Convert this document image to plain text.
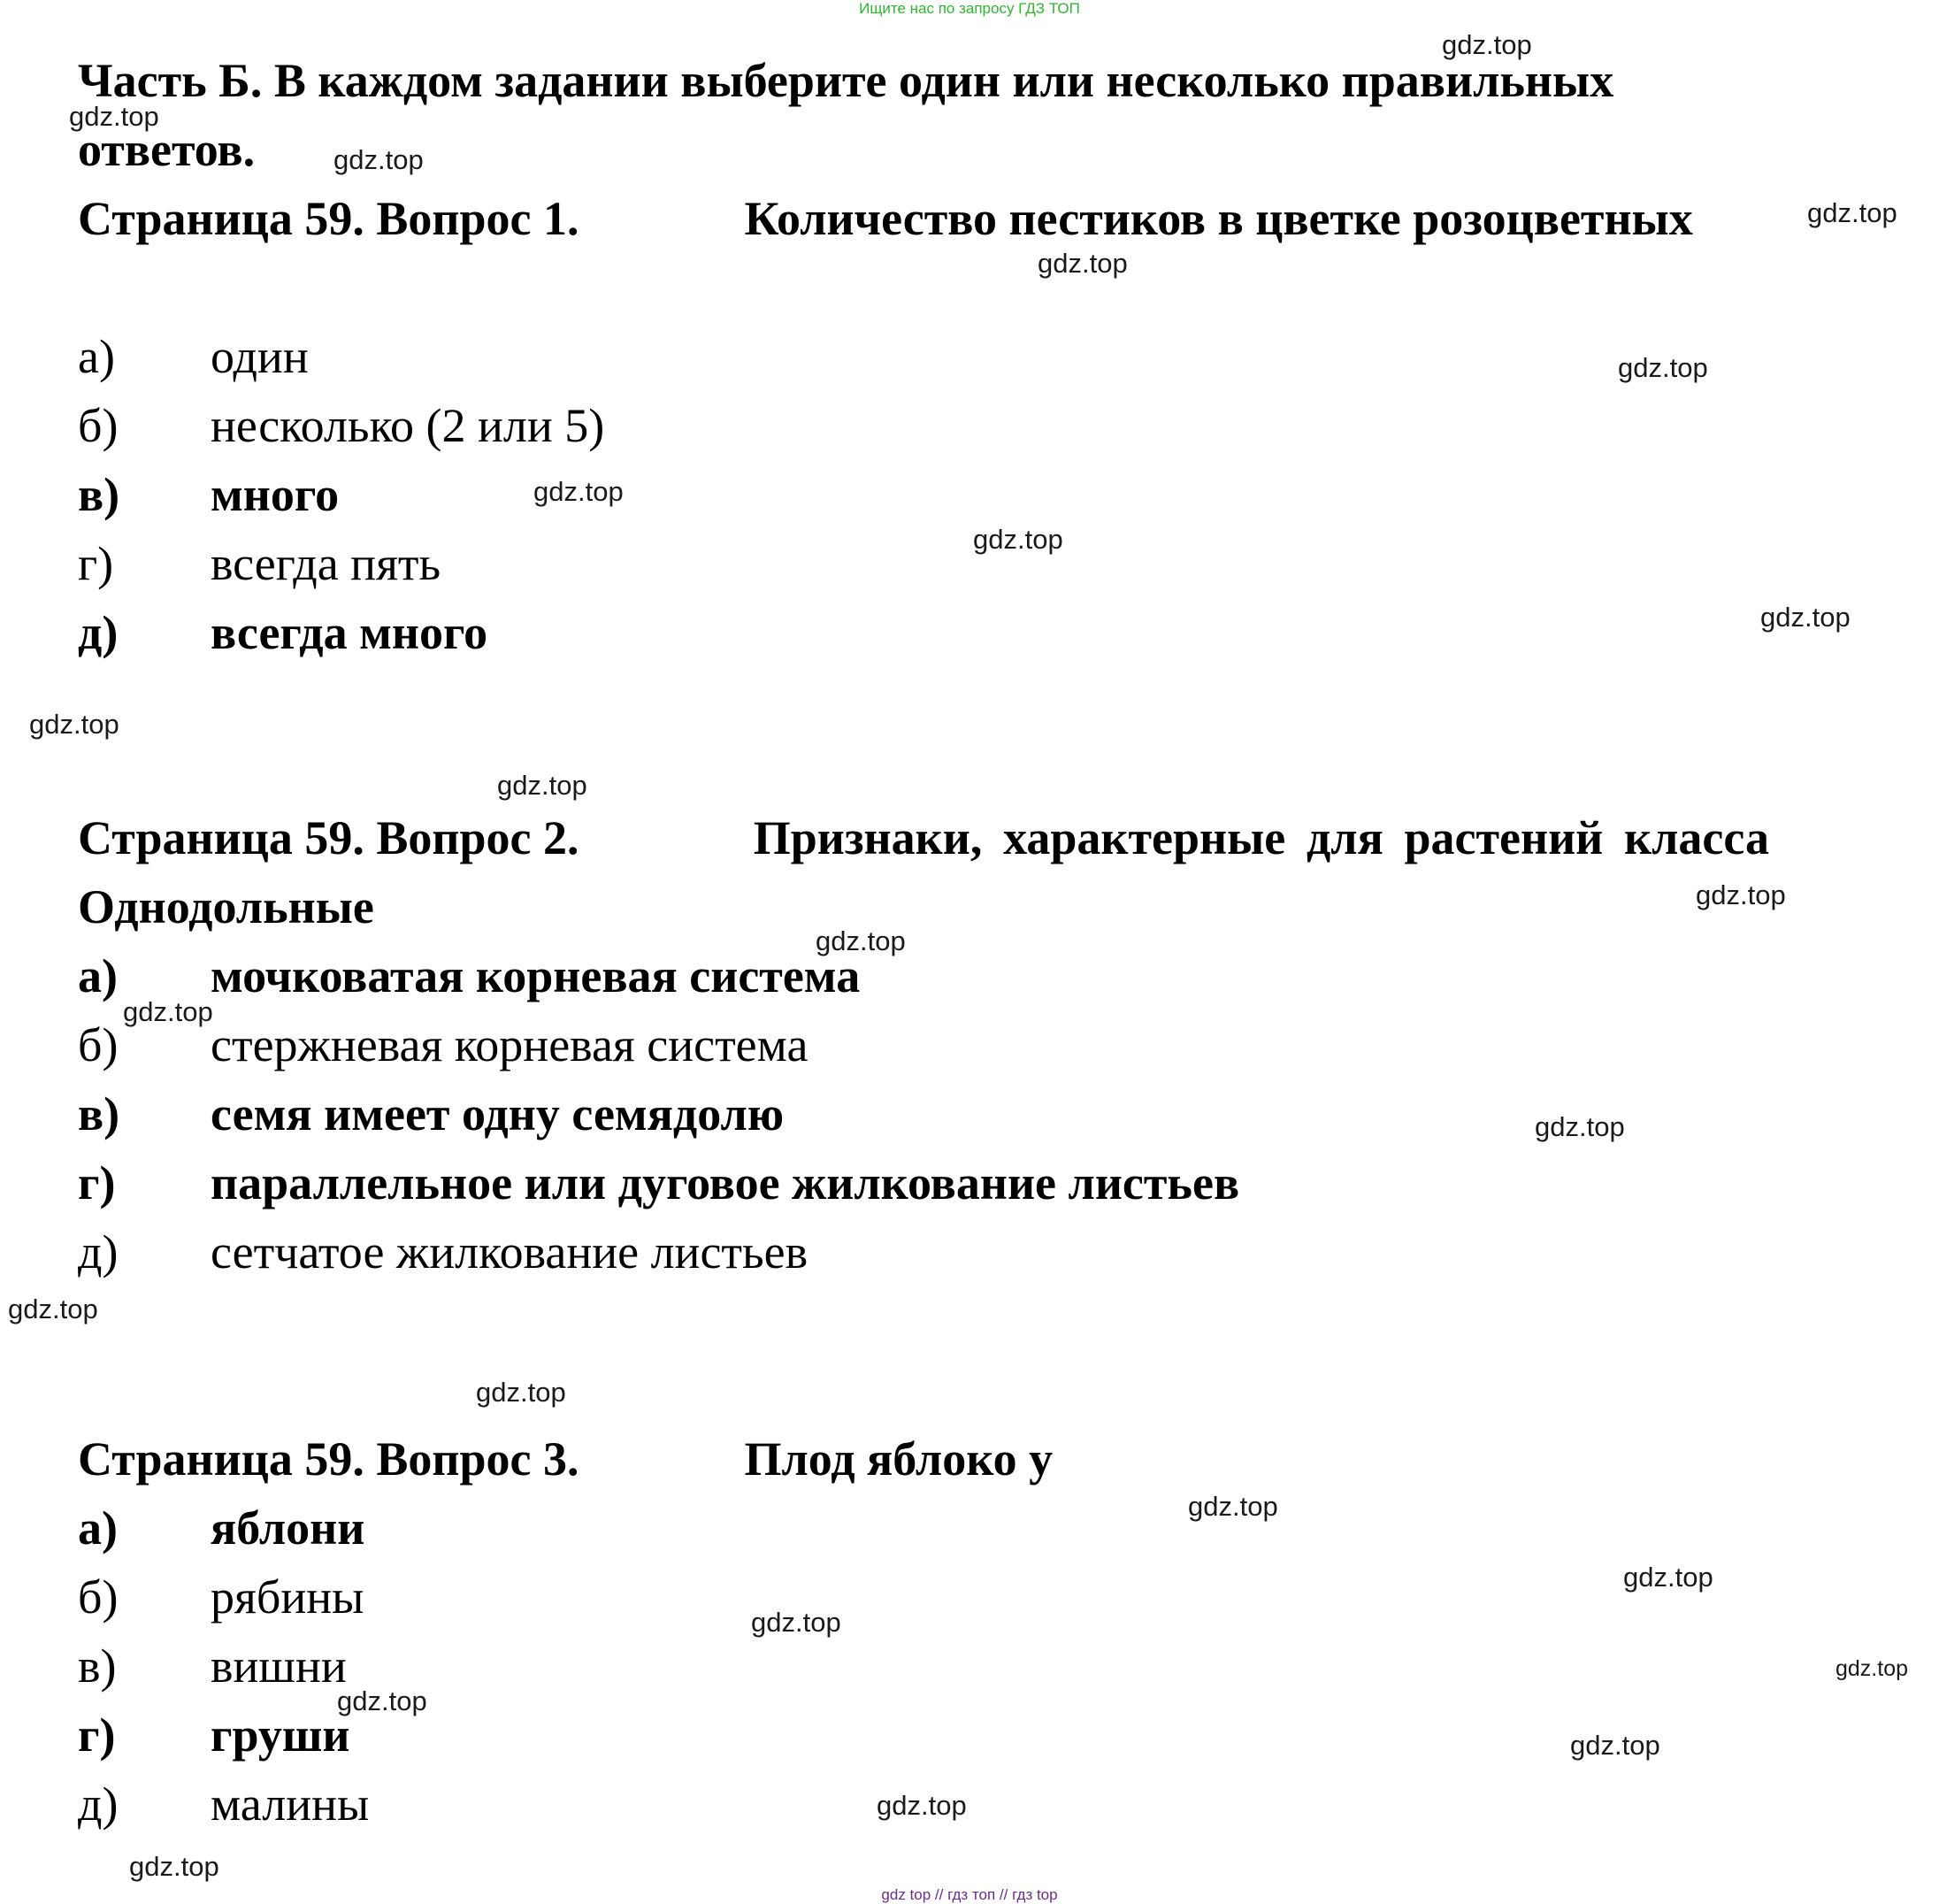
Ищите нас по запросу ГДЗ ТОП

Часть Б. В каждом задании выберите один или несколько правильных ответов.

Страница 59. Вопрос 1.	Количество пестиков в цветке розоцветных

а) один
б) несколько (2 или 5)
в) много
г) всегда пять
д) всегда много

Страница 59. Вопрос 2.	Признаки, характерные для растений класса Однодольные

а) мочковатая корневая система
б) стержневая корневая система
в) семя имеет одну семядолю
г) параллельное или дуговое жилкование листьев
д) сетчатое жилкование листьев

Страница 59. Вопрос 3.	Плод яблоко у

а) яблони
б) рябины
в) вишни
г) груши
д) малины
gdz.top
gdz.top
gdz.top
gdz.top
gdz.top
gdz.top
gdz.top
gdz.top
gdz.top
gdz.top
gdz.top
gdz.top
gdz.top
gdz.top
gdz.top
gdz.top
gdz.top
gdz.top
gdz.top
gdz.top
gdz.top
gdz.top
gdz.top
gdz.top
gdz.top
gdz top // гдз топ // гдз top
